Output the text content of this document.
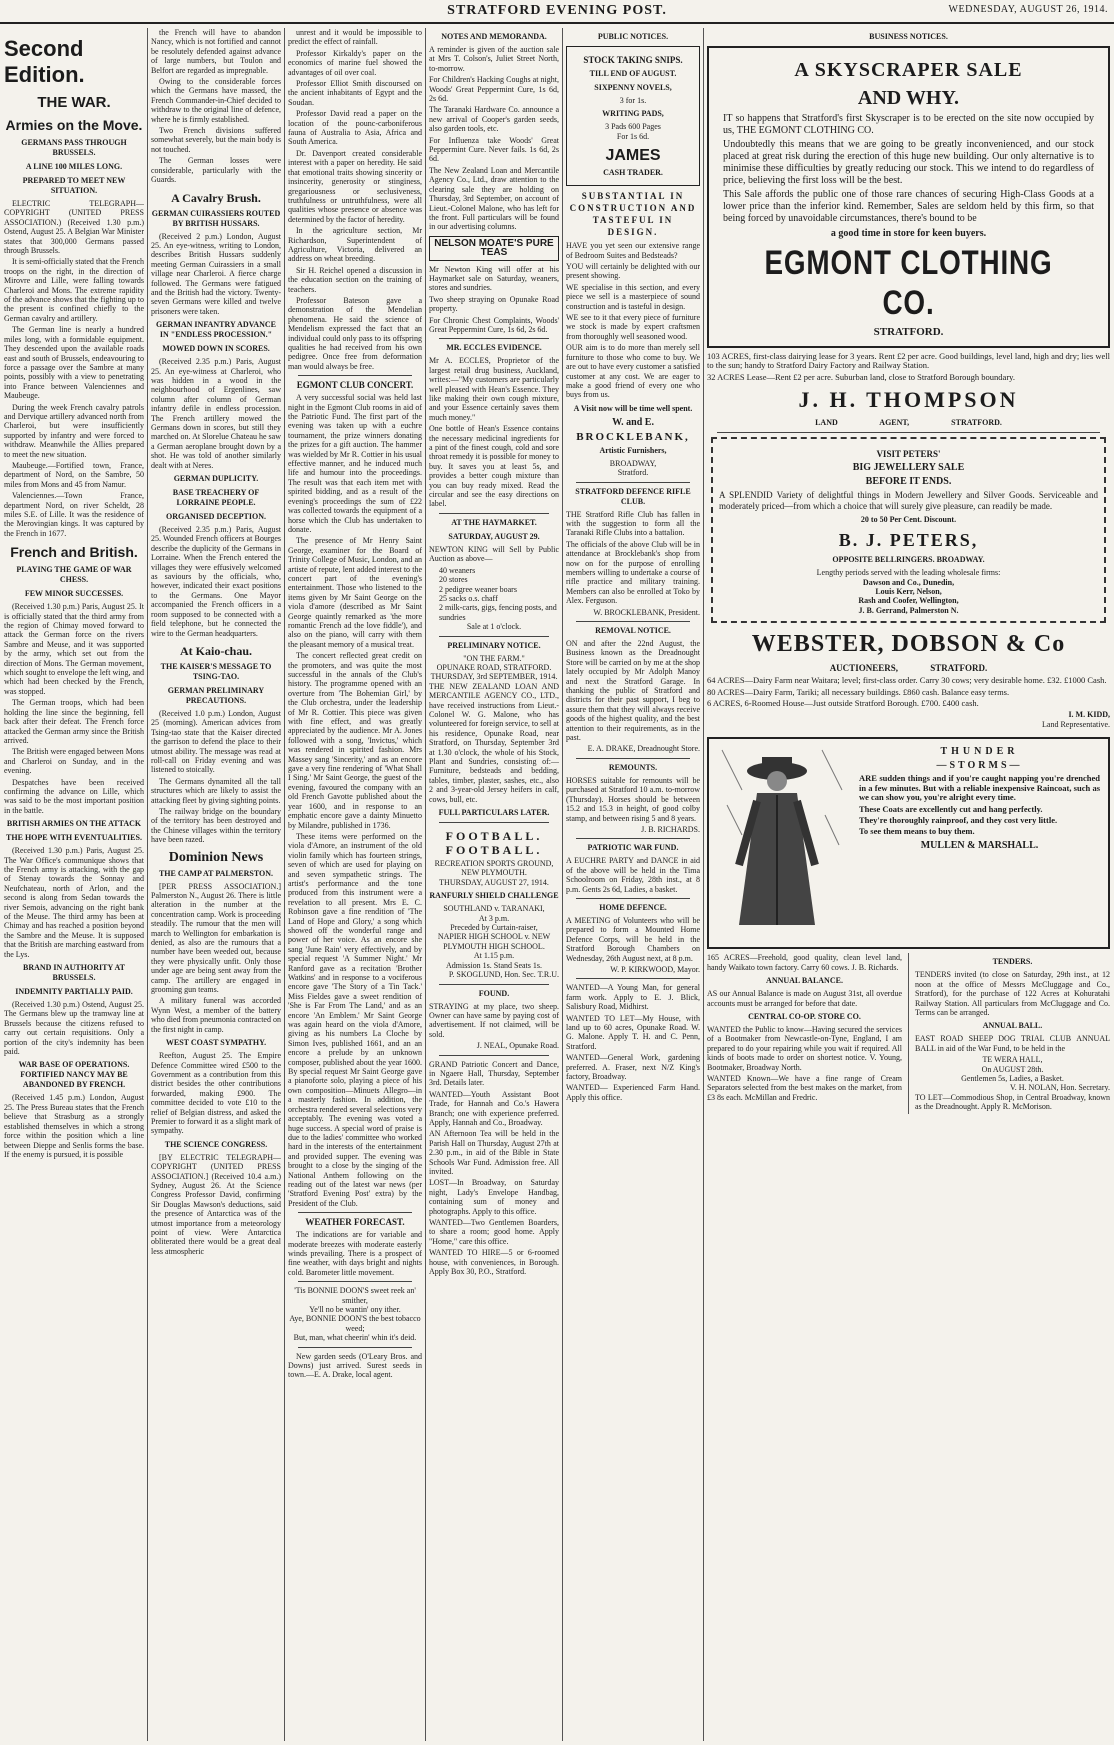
STRATFORD EVENING POST.	WEDNESDAY, AUGUST 26, 1914.
Second Edition.
THE WAR.
Armies on the Move.
GERMANS PASS THROUGH BRUSSELS.
A LINE 100 MILES LONG.
PREPARED TO MEET NEW SITUATION.

ELECTRIC TELEGRAPH—COPYRIGHT (UNITED PRESS ASSOCIATION.) (Received 1.30 p.m.) Ostend, August 25. A Belgian War Minister states that 300,000 Germans passed through Brussels.

It is semi-officially stated that the French troops on the right, in the direction of Mirovre and Lille, were falling towards Charleroi and Mons. The extreme rapidity of the advance shows that the fighting up to the present is confined chiefly to the German cavalry and artillery.

The German line is nearly a hundred miles long, with a formidable equipment. They descended upon the available roads east and south of Brussels, endeavouring to force a passage over the Sambre at many points, possibly with a view to penetrating into France between Valenciennes and Maubeuge.

During the week French cavalry patrols and Dervique artillery advanced north from Charleroi, but were insufficiently supported by infantry and were forced to withdraw. Meanwhile the Allies prepared to meet the new situation.

Maubeuge.—Fortified town, France, department of Nord, on the Sambre, 50 miles from Mons and 45 from Namur.

Valenciennes.—Town France, department Nord, on river Scheldt, 28 miles S.E. of Lille. It was the residence of the Merovingian kings. It was captured by the French in 1677.

French and British.
PLAYING THE GAME OF WAR CHESS.
FEW MINOR SUCCESSES.

(Received 1.30 p.m.) Paris, August 25. It is officially stated that the third army from the region of Chimay moved forward to attack the German force on the rivers Sambre and Meuse, and it was supported by the army, which set out from the direction of Mons. The German movement, which sought to envelope the left wing, and which had been checked by the French, was stopped.

The German troops, which had been holding the line since the beginning, fell back after their defeat. The French force attacked the German army since the British arrived.

The British were engaged between Mons and Charleroi on Sunday, and in the evening.

Despatches have been received confirming the advance on Lille, which was said to be the most important position in the battle.

BRITISH ARMIES ON THE ATTACK
THE HOPE WITH EVENTUALITIES.

(Received 1.30 p.m.) Paris, August 25. The War Office's communique shows that the French army is attacking, with the gap of Stenay towards the Sonnay and Neufchateau, north of Arlon, and the second is along from Sedan towards the river Semois, advancing on the right bank of the Meuse. The third army has been at Chimay and has reached a position beyond the Sambre and the Meuse. It is supposed that the British are marching eastward from the Lys.

BRAND IN AUTHORITY AT BRUSSELS.
INDEMNITY PARTIALLY PAID.

(Received 1.30 p.m.) Ostend, August 25. The Germans blew up the tramway line at Brussels because the citizens refused to carry out certain requisitions. Only a portion of the city's indemnity has been paid.

WAR BASE OF OPERATIONS. FORTIFIED NANCY MAY BE ABANDONED BY FRENCH.

(Received 1.45 p.m.) London, August 25. The Press Bureau states that the French believe that Strasburg as a strongly established themselves in which a strong force within the position which a line between Dieppe and Senlis forms the base. If the enemy is pursued, it is possible

the French will have to abandon Nancy, which is not fortified and cannot be resolutely defended against advance of large numbers, but Toulon and Belfort are regarded as impregnable.

Owing to the considerable forces which the Germans have massed, the French Commander-in-Chief decided to withdraw to the original line of defence, where he is firmly established.

Two French divisions suffered somewhat severely, but the main body is not touched.

The German losses were considerable, particularly with the Guards.

A Cavalry Brush.
GERMAN CUIRASSIERS ROUTED BY BRITISH HUSSARS.

(Received 2 p.m.) London, August 25. An eye-witness, writing to London, describes British Hussars suddenly meeting German Cuirassiers in a small village near Charleroi. A fierce charge followed. The Germans were fatigued and the British had the victory. Twenty-seven Germans were killed and twelve prisoners were taken.

GERMAN INFANTRY ADVANCE IN "ENDLESS PROCESSION."
MOWED DOWN IN SCORES.

(Received 2.35 p.m.) Paris, August 25. An eye-witness at Charleroi, who was hidden in a wood in the neighbourhood of Ergenlines, saw column after column of German infantry defile in endless procession. The French artillery mowed the Germans down in scores, but still they marched on. At Slorelue Chateau he saw a German aeroplane brought down by a shot. He was told of another similarly dealt with at Neres.

GERMAN DUPLICITY.
BASE TREACHERY OF LORRAINE PEOPLE.
ORGANISED DECEPTION.

(Received 2.35 p.m.) Paris, August 25. Wounded French officers at Bourges describe the duplicity of the Germans in Lorraine. When the French entered the villages they were effusively welcomed as saviours by the officials, who, however, indicated their exact positions to the Germans. One Mayor accompanied the French officers in a room supposed to be connected with a field telephone, but he connected the wire to the German headquarters.

At Kaio-chau.
THE KAISER'S MESSAGE TO TSING-TAO.
GERMAN PRELIMINARY PRECAUTIONS.

(Received 1.0 p.m.) London, August 25 (morning). American advices from Tsing-tao state that the Kaiser directed the garrison to defend the place to their utmost ability. The message was read at roll-call on Friday evening and was listened to stoically.

The Germans dynamited all the tall structures which are likely to assist the attacking fleet by giving sighting points.

The railway bridge on the boundary of the territory has been destroyed and the Chinese villages within the territory have been razed.

Dominion News
THE CAMP AT PALMERSTON.

[PER PRESS ASSOCIATION.] Palmerston N., August 26. There is little alteration in the number at the concentration camp. Work is proceeding steadily. The rumour that the men will march to Wellington for embarkation is denied, as also are the rumours that a number have been weeded out, because they were physically unfit. Only those under age are being sent away from the camp. The artillery are engaged in grooming gun teams.

A military funeral was accorded Wynn West, a member of the battery who died from pneumonia contracted on the first night in camp.

WEST COAST SYMPATHY.

Reefton, August 25. The Empire Defence Committee wired £500 to the Government as a contribution from this district besides the other contributions forwarded, making £900. The committee decided to vote £10 to the relief of Belgian distress, and asked the Premier to forward it as a slight mark of sympathy.

THE SCIENCE CONGRESS.

[BY ELECTRIC TELEGRAPH—COPYRIGHT (UNITED PRESS ASSOCIATION.] (Received 10.4 a.m.) Sydney, August 26. At the Science Congress Professor David, confirming Sir Douglas Mawson's deductions, said the presence of Antarctica was of the utmost importance from a meteorology point of view. Were Antarctica obliterated there would be a great deal less atmospheric

unrest and it would be impossible to predict the effect of rainfall.

Professor Kirkaldy's paper on the economics of marine fuel showed the advantages of oil over coal.

Professor Elliot Smith discoursed on the ancient inhabitants of Egypt and the Soudan.

Professor David read a paper on the location of the pounc-carboniferous fauna of Australia to Asia, Africa and South America.

Dr. Davenport created considerable interest with a paper on heredity. He said that emotional traits showing sincerity or insincerity, generosity or stinginess, gregariousness or seclusiveness, truthfulness or untruthfulness, were all qualities whose presence or absence was determined by the factor of heredity.

In the agriculture section, Mr Richardson, Superintendent of Agriculture, Victoria, delivered an address on wheat breeding.

Sir H. Reichel opened a discussion in the education section on the training of teachers.

Professor Bateson gave a demonstration of the Mendelian phenomena. He said the science of Mendelism expressed the fact that an individual could only pass to its offspring qualities he had received from his own pedigree. Once free from deformation man would always be free.

EGMONT CLUB CONCERT.

A very successful social was held last night in the Egmont Club rooms in aid of the Patriotic Fund. The first part of the evening was taken up with a euchre tournament, the prize winners donating the prizes for a gift auction. The hammer was wielded by Mr R. Cottier in his usual effective manner, and he induced much life and humour into the proceedings. The result was that each item met with spirited bidding, and as a result of the evening's proceedings the sum of £22 was collected towards the equipment of a horse which the Club has undertaken to donate.

The presence of Mr Henry Saint George, examiner for the Board of Trinity College of Music, London, and an artiste of repute, lent added interest to the concert part of the evening's entertainment. Those who listened to the items given by Mr Saint George on the viola d'amore (described as Mr Saint George quaintly remarked as 'the more romantic French ad the love fiddle'), and also on the piano, will carry with them the pleasant memory of a musical treat.

The concert reflected great credit on the promoters, and was quite the most successful in the annals of the Club's history. The programme opened with an overture from 'The Bohemian Girl,' by the Club orchestra, under the leadership of Mr R. Cottier. This piece was given with fine effect, and was greatly appreciated by the audience. Mr A. Jones followed with a song, 'Invictus,' which was rendered in spirited fashion. Mrs Massey sang 'Sincerity,' and as an encore gave a very fine rendering of 'What Shall I Sing.' Mr Saint George, the guest of the evening, favoured the company with an old French Gavotte published about the year 1600, and in response to an emphatic encore gave a dainty Minuetto by Milandre, published in 1736.

These items were performed on the viola d'Amore, an instrument of the old violin family which has fourteen strings, seven of which are used for playing on and seven sympathetic strings. The artist's performance and the tone produced from this instrument were a revelation to all present. Mrs E. C. Robinson gave a fine rendition of 'The Land of Hope and Glory,' a song which showed off the wonderful range and power of her voice. As an encore she sang 'June Rain' very effectively, and by special request 'A Summer Night.' Mr Ranford gave as a recitation 'Brother Watkins' and in response to a vociferous encore gave 'The Story of a Tin Tack.' Miss Fieldes gave a sweet rendition of 'She is Far From The Land,' and as an encore 'An Emblem.' Mr Saint George was again heard on the viola d'Amore, giving as his numbers La Cloche by Simon Ives, published 1661, and an an encore a prelude by an unknown composer, published about the year 1600. By special request Mr Saint George gave a pianoforte solo, playing a piece of his own composition—Minuets Allegro—in a masterly fashion. In addition, the orchestra rendered several selections very acceptably. The evening was voted a huge success. A special word of praise is due to the ladies' committee who worked hard in the interests of the entertainment and provided supper. The evening was brought to a close by the singing of the National Anthem following on the reading out of the latest war news (per 'Stratford Evening Post' extra) by the President of the Club.

WEATHER FORECAST.

The indications are for variable and moderate breezes with moderate easterly winds prevailing. There is a prospect of fine weather, with days bright and nights cold. Barometer little movement.

'Tis BONNIE DOON'S sweet reek an' smither,
Ye'll no be wantin' ony ither.
Aye, BONNIE DOON'S the best tobacco weed;
But, man, what cheerin' whin it's deid.

New garden seeds (O'Leary Bros. and Downs) just arrived. Surest seeds in town.—E. A. Drake, local agent.

NOTES AND MEMORANDA.

A reminder is given of the auction sale at Mrs T. Colson's, Juliet Street North, to-morrow.

For Children's Hacking Coughs at night, Woods' Great Peppermint Cure, 1s 6d, 2s 6d.

The Taranaki Hardware Co. announce a new arrival of Cooper's garden seeds, also garden tools, etc.

For Influenza take Woods' Great Peppermint Cure. Never fails. 1s 6d, 2s 6d.

The New Zealand Loan and Mercantile Agency Co., Ltd., draw attention to the clearing sale they are holding on Thursday, 3rd September, on account of Lieut.-Colonel Malone, who has left for the front. Full particulars will be found in our advertising columns.

NELSON MOATE'S PURE TEAS

Mr Newton King will offer at his Haymarket sale on Saturday, weaners, stores and sundries.

Two sheep straying on Opunake Road property.

For Chronic Chest Complaints, Woods' Great Peppermint Cure, 1s 6d, 2s 6d.

MR. ECCLES EVIDENCE.

Mr A. ECCLES, Proprietor of the largest retail drug business, Auckland, writes:—"My customers are particularly well pleased with Hean's Essence. They like making their own cough mixture, and your Essence certainly saves them much money."

One bottle of Hean's Essence contains the necessary medicinal ingredients for a pint of the finest cough, cold and sore throat remedy it is possible for money to buy. It saves you at least 5s, and provides a better cough mixture than you can buy ready mixed. Read the circular and see the easy directions on label.

AT THE HAYMARKET.
SATURDAY, AUGUST 29.

NEWTON KING will Sell by Public Auction as above—

40 weaners
20 stores
2 pedigree weaner boars
25 sacks o.s. chaff
2 milk-carts, gigs, fencing posts, and sundries
Sale at 1 o'clock.
PRELIMINARY NOTICE.
"ON THE FARM."
OPUNAKE ROAD, STRATFORD.
THURSDAY, 3rd SEPTEMBER, 1914.

THE NEW ZEALAND LOAN AND MERCANTILE AGENCY CO., LTD., have received instructions from Lieut.-Colonel W. G. Malone, who has volunteered for foreign service, to sell at his residence, Opunake Road, near Stratford, on Thursday, September 3rd at 1.30 o'clock, the whole of his Stock, Plant and Sundries, consisting of:— Furniture, bedsteads and bedding, tables, timber, plaster, sashes, etc., also 2 and 3-year-old Jersey heifers in calf, cows, bull, etc.

FULL PARTICULARS LATER.
FOOTBALL. FOOTBALL.
RECREATION SPORTS GROUND, NEW PLYMOUTH.
THURSDAY, AUGUST 27, 1914.
RANFURLY SHIELD CHALLENGE
SOUTHLAND v. TARANAKI,
At 3 p.m.
Preceded by Curtain-raiser,
NAPIER HIGH SCHOOL v. NEW PLYMOUTH HIGH SCHOOL.
At 1.15 p.m.
Admission 1s. Stand Seats 1s.
P. SKOGLUND, Hon. Sec. T.R.U.
FOUND.

STRAYING at my place, two sheep. Owner can have same by paying cost of advertisement. If not claimed, will be sold.

J. NEAL, Opunake Road.

GRAND Patriotic Concert and Dance, in Ngaere Hall, Thursday, September 3rd. Details later.

WANTED—Youth Assistant Boot Trade, for Hannah and Co.'s Hawera Branch; one with experience preferred. Apply, Hannah and Co., Broadway.

AN Afternoon Tea will be held in the Parish Hall on Thursday, August 27th at 2.30 p.m., in aid of the Bible in State Schools War Fund. Admission free. All invited.

LOST—In Broadway, on Saturday night, Lady's Envelope Handbag, containing sum of money and photographs. Apply to this office.

WANTED—Two Gentlemen Boarders, to share a room; good home. Apply "Home," care this office.

WANTED TO HIRE—5 or 6-roomed house, with conveniences, in Borough. Apply Box 30, P.O., Stratford.

PUBLIC NOTICES.
STOCK TAKING SNIPS.
TILL END OF AUGUST.
SIXPENNY NOVELS,
3 for 1s.
WRITING PADS,
3 Pads 600 Pages
For 1s 6d.
JAMES
CASH TRADER.
SUBSTANTIAL IN CONSTRUCTION AND TASTEFUL IN DESIGN.

HAVE you yet seen our extensive range of Bedroom Suites and Bedsteads?

YOU will certainly be delighted with our present showing.

WE specialise in this section, and every piece we sell is a masterpiece of sound construction and is tasteful in design.

WE see to it that every piece of furniture we stock is made by expert craftsmen from thoroughly well seasoned wood.

OUR aim is to do more than merely sell furniture to those who come to buy. We are out to have every customer a satisfied customer at any cost. We are eager to make a good friend of every one who buys from us.

A Visit now will be time well spent.
W. and E.
BROCKLEBANK,
Artistic Furnishers,
BROADWAY,
Stratford.
STRATFORD DEFENCE RIFLE CLUB.

THE Stratford Rifle Club has fallen in with the suggestion to form all the Taranaki Rifle Clubs into a battalion.

The officials of the above Club will be in attendance at Brocklebank's shop from now on for the purpose of enrolling members willing to undertake a course of rifle practice and military training. Members can also be enrolled at Toko by Alex. Ferguson.

W. BROCKLEBANK, President.
REMOVAL NOTICE.

ON and after the 22nd August, the Business known as the Dreadnought Store will be carried on by me at the shop lately occupied by Mr Adolph Manoy and next the Stratford Garage. In thanking the public of Stratford and districts for their past support, I beg to assure them that they will always receive goods of the highest quality, and the best attention to their requirements, as in the past.

E. A. DRAKE, Dreadnought Store.
REMOUNTS.

HORSES suitable for remounts will be purchased at Stratford 10 a.m. to-morrow (Thursday). Horses should be between 15.2 and 15.3 in height, of good colby stamp, and between rising 5 and 8 years.

J. B. RICHARDS.
PATRIOTIC WAR FUND.

A EUCHRE PARTY and DANCE in aid of the above will be held in the Tima Schoolroom on Friday, 28th inst., at 8 p.m. Gents 2s 6d, Ladies, a basket.

HOME DEFENCE.

A MEETING of Volunteers who will be prepared to form a Mounted Home Defence Corps, will be held in the Stratford Borough Chambers on Wednesday, 26th August next, at 8 p.m.

W. P. KIRKWOOD, Mayor.

WANTED—A Young Man, for general farm work. Apply to E. J. Blick, Salisbury Road, Midhirst.

WANTED TO LET—My House, with land up to 60 acres, Opunake Road. W. G. Malone. Apply T. H. and C. Penn, Stratford.

WANTED—General Work, gardening preferred. A. Fraser, next N/Z King's factory, Broadway.

WANTED— Experienced Farm Hand. Apply this office.

BUSINESS NOTICES.
A SKYSCRAPER SALE
AND WHY.

IT so happens that Stratford's first Skyscraper is to be erected on the site now occupied by us, THE EGMONT CLOTHING CO.

Undoubtedly this means that we are going to be greatly inconvenienced, and our stock placed at great risk during the erection of this huge new building. Our only alternative is to minimise these difficulties by greatly reducing our stock. This we intend to do regardless of price, believing the first loss will be the best.

This Sale affords the public one of those rare chances of securing High-Class Goods at a lower price than the inferior kind. Remember, Sales are seldom held by this firm, so that being forced by unavoidable circumstances, there's bound to be

a good time in store for keen buyers.
EGMONT CLOTHING CO.
STRATFORD.

103 ACRES, first-class dairying lease for 3 years. Rent £2 per acre. Good buildings, level land, high and dry; lies well to the sun; handy to Stratford Dairy Factory and Railway Station.

32 ACRES Lease—Rent £2 per acre. Suburban land, close to Stratford Borough boundary.

J. H. THOMPSON
LAND AGENT, STRATFORD.
VISIT PETERS'
BIG JEWELLERY SALE
BEFORE IT ENDS.

A SPLENDID Variety of delightful things in Modern Jewellery and Silver Goods. Serviceable and moderately priced—from which a choice that will surely give pleasure, can readily be made.

20 to 50 Per Cent. Discount.
B. J. PETERS,
OPPOSITE BELLRINGERS. BROADWAY.
Lengthy periods served with the leading wholesale firms:
Dawson and Co., Dunedin,
Louis Kerr, Nelson,
Rash and Coofer, Wellington,
J. B. Gerrand, Palmerston N.
WEBSTER, DOBSON & Co
AUCTIONEERS, STRATFORD.

64 ACRES—Dairy Farm near Waitara; level; first-class order. Carry 30 cows; very desirable home. £32. £1000 Cash.

80 ACRES—Dairy Farm, Tariki; all necessary buildings. £860 cash. Balance easy terms.

6 ACRES, 6-Roomed House—Just outside Stratford Borough. £700. £400 cash.

I. M. KIDD,
Land Representative.
THUNDER
—STORMS—

ARE sudden things and if you're caught napping you're drenched in a few minutes. But with a reliable inexpensive Raincoat, such as we can show you, you're alright every time.

These Coats are excellently cut and hang perfectly.

They're thoroughly rainproof, and they cost very little.

To see them means to buy them.

MULLEN & MARSHALL.

165 ACRES—Freehold, good quality, clean level land, handy Waikato town factory. Carry 60 cows. J. B. Richards.

ANNUAL BALANCE.

AS our Annual Balance is made on August 31st, all overdue accounts must be arranged for before that date.

CENTRAL CO-OP. STORE CO.

WANTED the Public to know—Having secured the services of a Bootmaker from Newcastle-on-Tyne, England, I am prepared to do your repairing while you wait if required. All kinds of boots made to order on shortest notice. V. Young, Bootmaker, Broadway North.

WANTED Known—We have a fine range of Cream Separators selected from the best makes on the market, from £3 8s each. McMillan and Fredric.

TENDERS.

TENDERS invited (to close on Saturday, 29th inst., at 12 noon at the office of Messrs McCluggage and Co., Stratford), for the purchase of 122 Acres at Kohuratahi Railway Station. All particulars from McCluggage and Co. Terms can be arranged.

ANNUAL BALL.

EAST ROAD SHEEP DOG TRIAL CLUB ANNUAL BALL in aid of the War Fund, to be held in the

TE WERA HALL,
On AUGUST 28th.
Gentlemen 5s, Ladies, a Basket.
V. H. NOLAN, Hon. Secretary.

TO LET—Commodious Shop, in Central Broadway, known as the Dreadnought. Apply R. McMorison.
